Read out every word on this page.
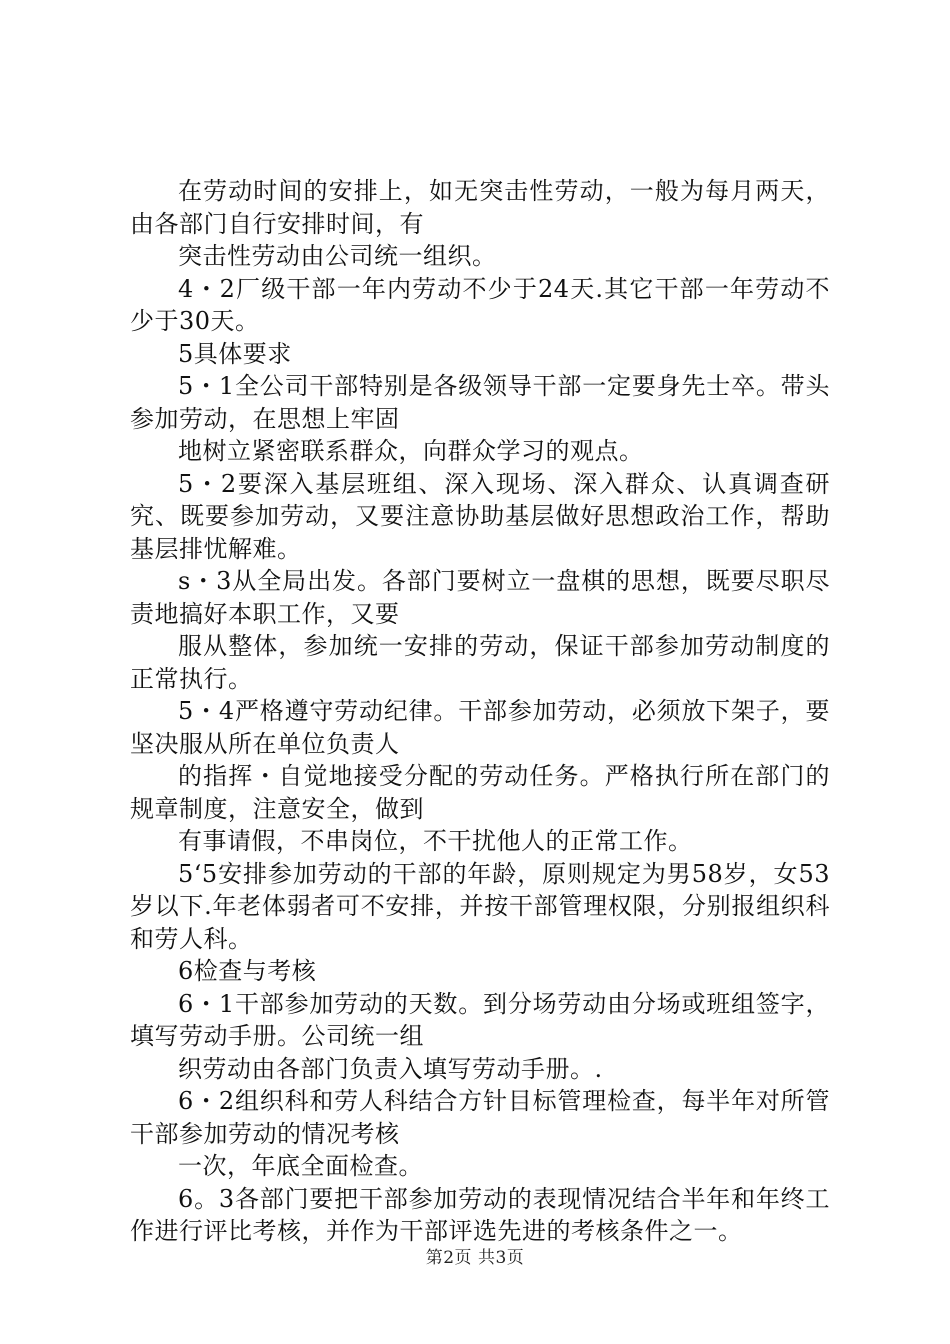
在劳动时间的安排上，如无突击性劳动，一般为每月两天，由各部门自行安排时间，有

突击性劳动由公司统一组织。

4・2厂级干部一年内劳动不少于24天.其它干部一年劳动不少于30天。

5具体要求

5・1全公司干部特别是各级领导干部一定要身先士卒。带头参加劳动，在思想上牢固

地树立紧密联系群众，向群众学习的观点。

5・2要深入基层班组、深入现场、深入群众、认真调查研究、既要参加劳动，又要注意协助基层做好思想政治工作，帮助基层排忧解难。

s・3从全局出发。各部门要树立一盘棋的思想，既要尽职尽责地搞好本职工作，又要

服从整体，参加统一安排的劳动，保证干部参加劳动制度的正常执行。

5・4严格遵守劳动纪律。干部参加劳动，必须放下架子，要坚决服从所在单位负责人

的指挥・自觉地接受分配的劳动任务。严格执行所在部门的规章制度，注意安全，做到

有事请假，不串岗位，不干扰他人的正常工作。

5‘5安排参加劳动的干部的年龄，原则规定为男58岁，女53岁以下.年老体弱者可不安排，并按干部管理权限，分别报组织科和劳人科。

6检查与考核

6・1干部参加劳动的天数。到分场劳动由分场或班组签字，填写劳动手册。公司统一组

织劳动由各部门负责入填写劳动手册。.

6・2组织科和劳人科结合方针目标管理检查，每半年对所管干部参加劳动的情况考核

一次，年底全面检查。

6。3各部门要把干部参加劳动的表现情况结合半年和年终工作进行评比考核，并作为干部评选先进的考核条件之一。

第2页 共3页
